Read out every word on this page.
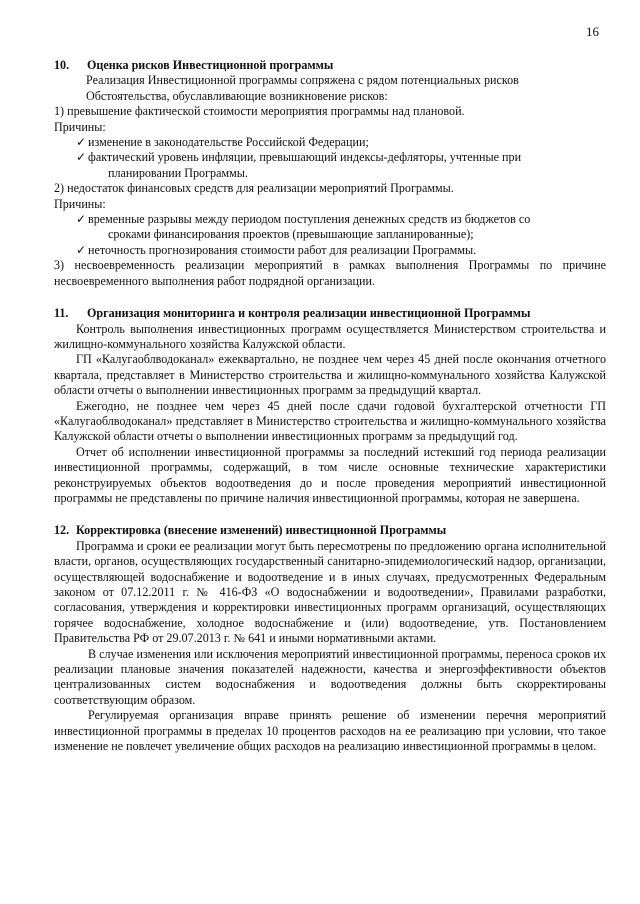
16
10. Оценка рисков Инвестиционной программы

Реализация Инвестиционной программы сопряжена с рядом потенциальных рисков

Обстоятельства, обуславливающие возникновение рисков:

1) превышение фактической стоимости мероприятия программы над плановой.

Причины:

✓ изменение в законодательстве Российской Федерации;
✓ фактический уровень инфляции, превышающий индексы-дефляторы, учтенные при
планировании Программы.

2) недостаток финансовых средств для реализации мероприятий Программы.

Причины:

✓ временные разрывы между периодом поступления денежных средств из бюджетов со
сроками финансирования проектов (превышающие запланированные);
✓ неточность прогнозирования стоимости работ для реализации Программы.

3) несвоевременность реализации мероприятий в рамках выполнения Программы по причине несвоевременного выполнения работ подрядной организации.

11. Организация мониторинга и контроля реализации инвестиционной Программы

Контроль выполнения инвестиционных программ осуществляется Министерством строительства и жилищно-коммунального хозяйства Калужской области.

ГП «Калугаоблводоканал» ежеквартально, не позднее чем через 45 дней после окончания отчетного квартала, представляет в Министерство строительства и жилищно-коммунального хозяйства Калужской области отчеты о выполнении инвестиционных программ за предыдущий квартал.

Ежегодно, не позднее чем через 45 дней после сдачи годовой бухгалтерской отчетности ГП «Калугаоблводоканал» представляет в Министерство строительства и жилищно-коммунального хозяйства Калужской области отчеты о выполнении инвестиционных программ за предыдущий год.

Отчет об исполнении инвестиционной программы за последний истекший год периода реализации инвестиционной программы, содержащий, в том числе основные технические характеристики реконструируемых объектов водоотведения до и после проведения мероприятий инвестиционной программы не представлены по причине наличия инвестиционной программы, которая не завершена.

12. Корректировка (внесение изменений) инвестиционной Программы

Программа и сроки ее реализации могут быть пересмотрены по предложению органа исполнительной власти, органов, осуществляющих государственный санитарно-эпидемиологический надзор, организации, осуществляющей водоснабжение и водоотведение и в иных случаях, предусмотренных Федеральным законом от 07.12.2011 г. № 416-ФЗ «О водоснабжении и водоотведении», Правилами разработки, согласования, утверждения и корректировки инвестиционных программ организаций, осуществляющих горячее водоснабжение, холодное водоснабжение и (или) водоотведение, утв. Постановлением Правительства РФ от 29.07.2013 г. № 641 и иными нормативными актами.

В случае изменения или исключения мероприятий инвестиционной программы, переноса сроков их реализации плановые значения показателей надежности, качества и энергоэффективности объектов централизованных систем водоснабжения и водоотведения должны быть скорректированы соответствующим образом.

Регулируемая организация вправе принять решение об изменении перечня мероприятий инвестиционной программы в пределах 10 процентов расходов на ее реализацию при условии, что такое изменение не повлечет увеличение общих расходов на реализацию инвестиционной программы в целом.
